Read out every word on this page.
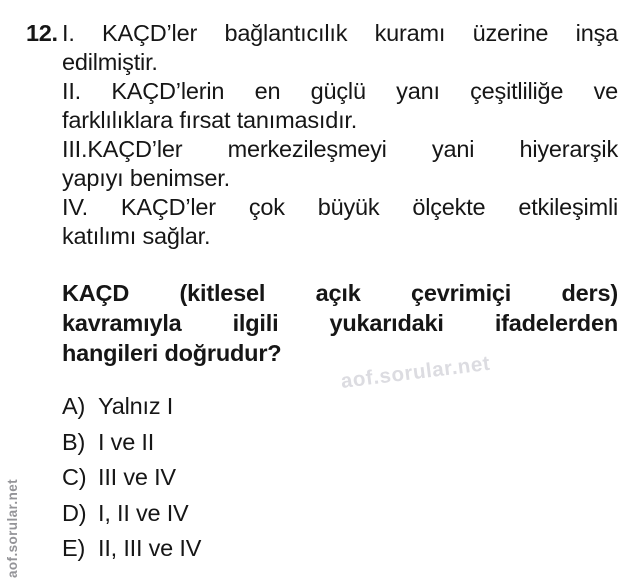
12. I. KAÇD’ler bağlantıcılık kuramı üzerine inşa
edilmiştir.
II. KAÇD’lerin en güçlü yanı çeşitliliğe ve
farklılıklara fırsat tanımasıdır.
III.KAÇD’ler merkezileşmeyi yani hiyerarşik
yapıyı benimser.
IV. KAÇD’ler çok büyük ölçekte etkileşimli
katılımı sağlar.
KAÇD (kitlesel açık çevrimiçi ders)
kavramıyla ilgili yukarıdaki ifadelerden
hangileri doğrudur?
A) Yalnız I
B) I ve II
C) III ve IV
D) I, II ve IV
E) II, III ve IV
aof.sorular.net
aof.sorular.net
